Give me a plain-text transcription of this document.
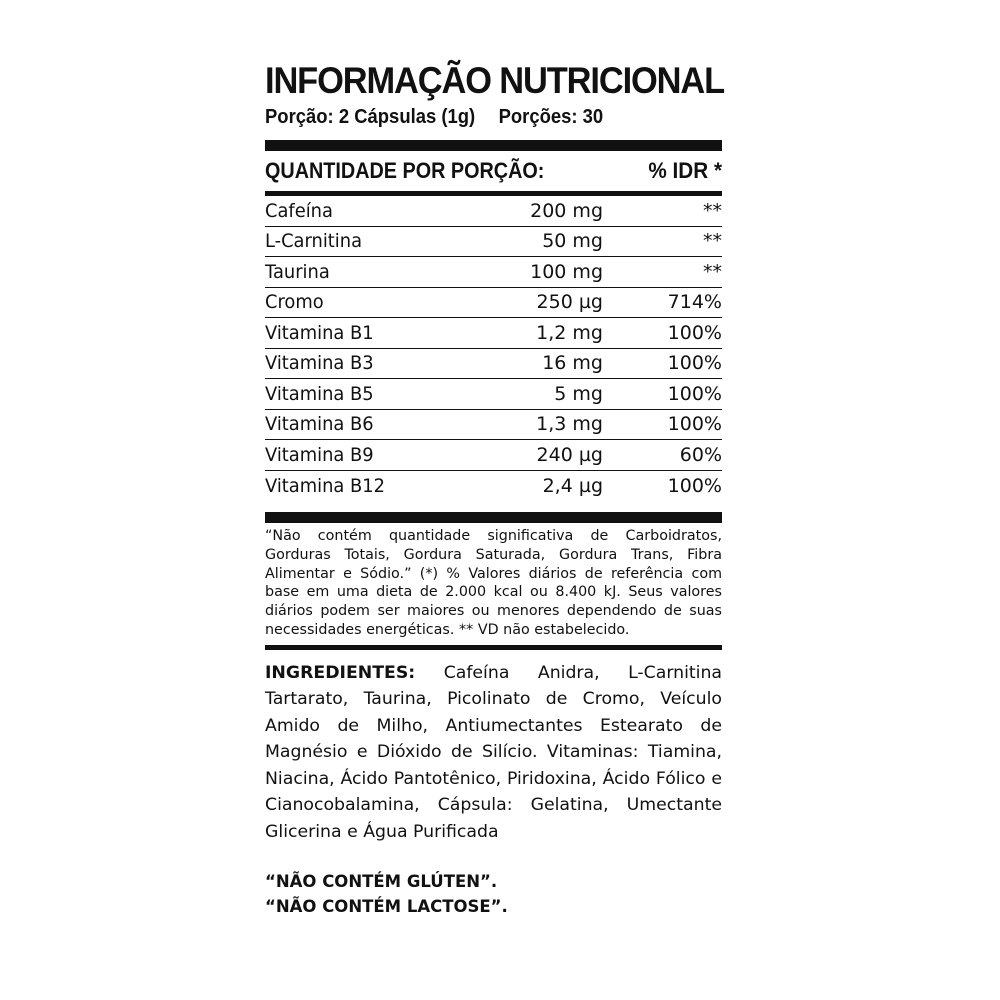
INFORMAÇÃO NUTRICIONAL
Porção: 2 Cápsulas (1g) Porções: 30
QUANTIDADE POR PORÇÃO:	% IDR *
Cafeína	200 mg	**
L-Carnitina	50 mg	**
Taurina	100 mg	**
Cromo	250 µg	714%
Vitamina B1	1,2 mg	100%
Vitamina B3	16 mg	100%
Vitamina B5	5 mg	100%
Vitamina B6	1,3 mg	100%
Vitamina B9	240 µg	60%
Vitamina B12	2,4 µg	100%
“Não contém quantidade significativa de Carboidratos, Gorduras Totais, Gordura Saturada, Gordura Trans, Fibra Alimentar e Sódio.” (*) % Valores diários de referência com base em uma dieta de 2.000 kcal ou 8.400 kJ. Seus valores diários podem ser maiores ou menores dependendo de suas necessidades energéticas. ** VD não estabelecido.
INGREDIENTES: Cafeína Anidra, L-Carnitina Tartarato, Taurina, Picolinato de Cromo, Veículo Amido de Milho, Antiumectantes Estearato de Magnésio e Dióxido de Silício. Vitaminas: Tiamina, Niacina, Ácido Pantotênico, Piridoxina, Ácido Fólico e Cianocobalamina, Cápsula: Gelatina, Umectante Glicerina e Água Purificada
“NÃO CONTÉM GLÚTEN”.
“NÃO CONTÉM LACTOSE”.
